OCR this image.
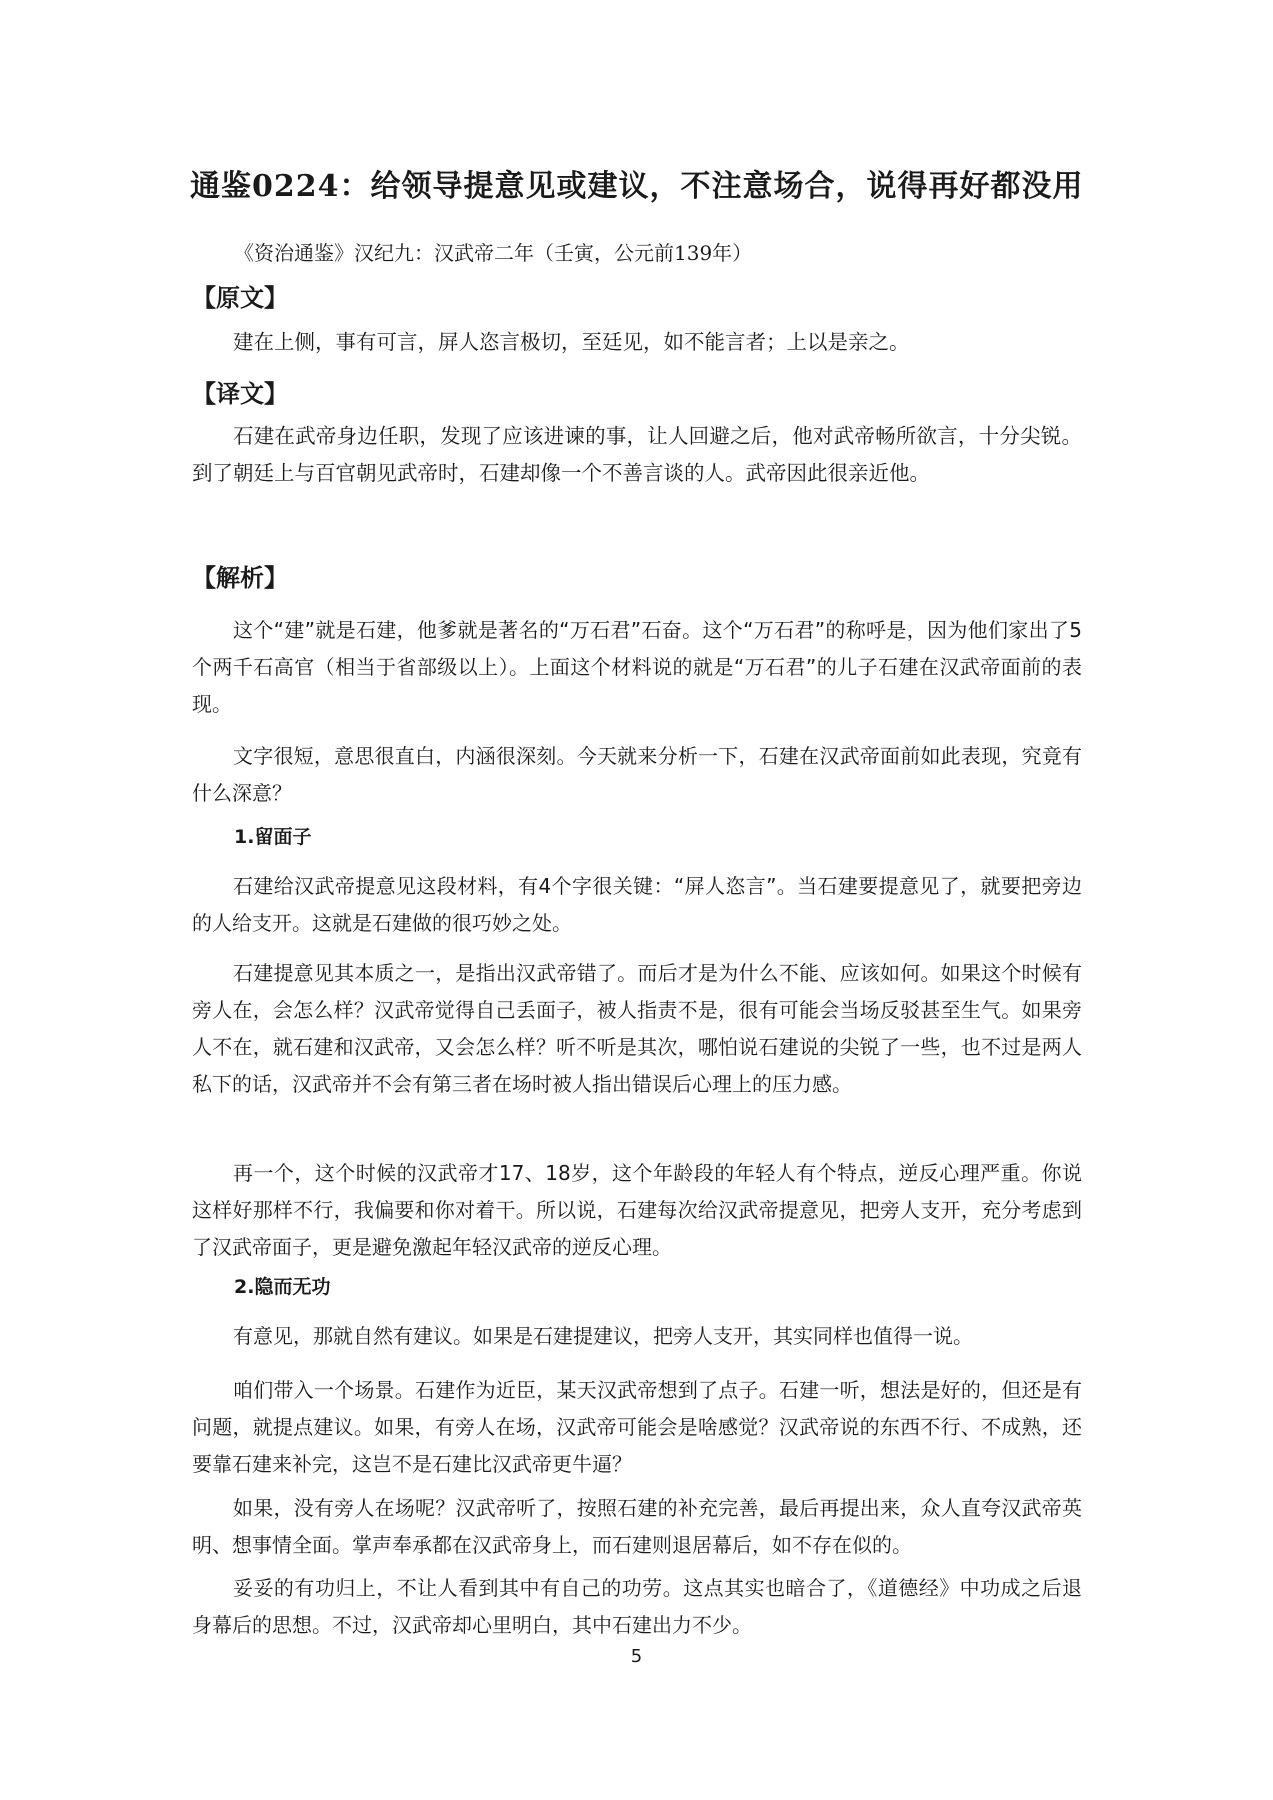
通鉴0224：给领导提意见或建议，不注意场合，说得再好都没用
《资治通鉴》汉纪九：汉武帝二年（壬寅，公元前139年）
【原文】

建在上侧，事有可言，屏人恣言极切，至廷见，如不能言者；上以是亲之。

【译文】

石建在武帝身边任职，发现了应该进谏的事，让人回避之后，他对武帝畅所欲言，十分尖锐。到了朝廷上与百官朝见武帝时，石建却像一个不善言谈的人。武帝因此很亲近他。

【解析】

这个“建”就是石建，他爹就是著名的“万石君”石奋。这个“万石君”的称呼是，因为他们家出了5个两千石高官（相当于省部级以上）。上面这个材料说的就是“万石君”的儿子石建在汉武帝面前的表现。

文字很短，意思很直白，内涵很深刻。今天就来分析一下，石建在汉武帝面前如此表现，究竟有什么深意？

1.留面子

石建给汉武帝提意见这段材料，有4个字很关键：“屏人恣言”。当石建要提意见了，就要把旁边的人给支开。这就是石建做的很巧妙之处。

石建提意见其本质之一，是指出汉武帝错了。而后才是为什么不能、应该如何。如果这个时候有旁人在，会怎么样？汉武帝觉得自己丢面子，被人指责不是，很有可能会当场反驳甚至生气。如果旁人不在，就石建和汉武帝，又会怎么样？听不听是其次，哪怕说石建说的尖锐了一些，也不过是两人私下的话，汉武帝并不会有第三者在场时被人指出错误后心理上的压力感。

再一个，这个时候的汉武帝才17、18岁，这个年龄段的年轻人有个特点，逆反心理严重。你说这样好那样不行，我偏要和你对着干。所以说，石建每次给汉武帝提意见，把旁人支开，充分考虑到了汉武帝面子，更是避免激起年轻汉武帝的逆反心理。

2.隐而无功

有意见，那就自然有建议。如果是石建提建议，把旁人支开，其实同样也值得一说。

咱们带入一个场景。石建作为近臣，某天汉武帝想到了点子。石建一听，想法是好的，但还是有问题，就提点建议。如果，有旁人在场，汉武帝可能会是啥感觉？汉武帝说的东西不行、不成熟，还要靠石建来补完，这岂不是石建比汉武帝更牛逼？

如果，没有旁人在场呢？汉武帝听了，按照石建的补充完善，最后再提出来，众人直夸汉武帝英明、想事情全面。掌声奉承都在汉武帝身上，而石建则退居幕后，如不存在似的。

妥妥的有功归上，不让人看到其中有自己的功劳。这点其实也暗合了，《道德经》中功成之后退身幕后的思想。不过，汉武帝却心里明白，其中石建出力不少。

5
